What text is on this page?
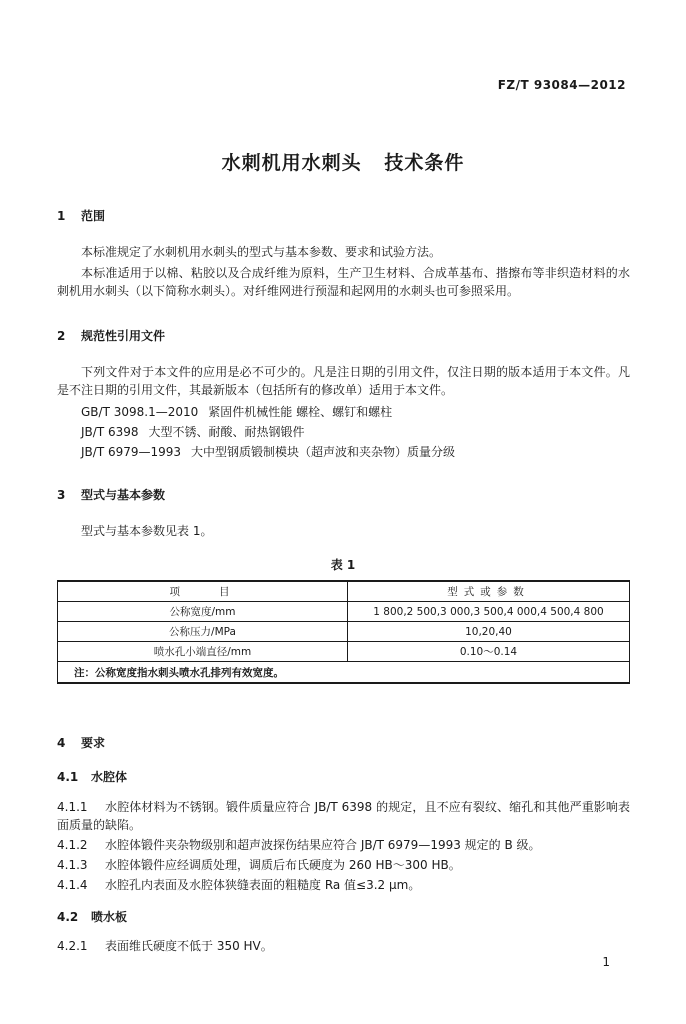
FZ/T 93084—2012
水刺机用水刺头   技术条件
1 范围
本标准规定了水刺机用水刺头的型式与基本参数、要求和试验方法。
本标准适用于以棉、粘胶以及合成纤维为原料，生产卫生材料、合成革基布、揩擦布等非织造材料的水刺机用水刺头（以下简称水刺头）。对纤维网进行预湿和起网用的水刺头也可参照采用。
2 规范性引用文件
下列文件对于本文件的应用是必不可少的。凡是注日期的引用文件，仅注日期的版本适用于本文件。凡是不注日期的引用文件，其最新版本（包括所有的修改单）适用于本文件。
GB/T 3098.1—2010 紧固件机械性能 螺栓、螺钉和螺柱
JB/T 6398 大型不锈、耐酸、耐热钢锻件
JB/T 6979—1993 大中型钢质锻制模块（超声波和夹杂物）质量分级
3 型式与基本参数
型式与基本参数见表 1。
表 1
项　　目	型式或参数
公称宽度/mm	1 800,2 500,3 000,3 500,4 000,4 500,4 800
公称压力/MPa	10,20,40
喷水孔小端直径/mm	0.10～0.14
注：公称宽度指水刺头喷水孔排列有效宽度。	
4 要求
4.1 水腔体
4.1.1 水腔体材料为不锈钢。锻件质量应符合 JB/T 6398 的规定，且不应有裂纹、缩孔和其他严重影响表面质量的缺陷。
4.1.2 水腔体锻件夹杂物级别和超声波探伤结果应符合 JB/T 6979—1993 规定的 B 级。
4.1.3 水腔体锻件应经调质处理，调质后布氏硬度为 260 HB～300 HB。
4.1.4 水腔孔内表面及水腔体狭缝表面的粗糙度 Ra 值≤3.2 μm。
4.2 喷水板
4.2.1 表面维氏硬度不低于 350 HV。
1
